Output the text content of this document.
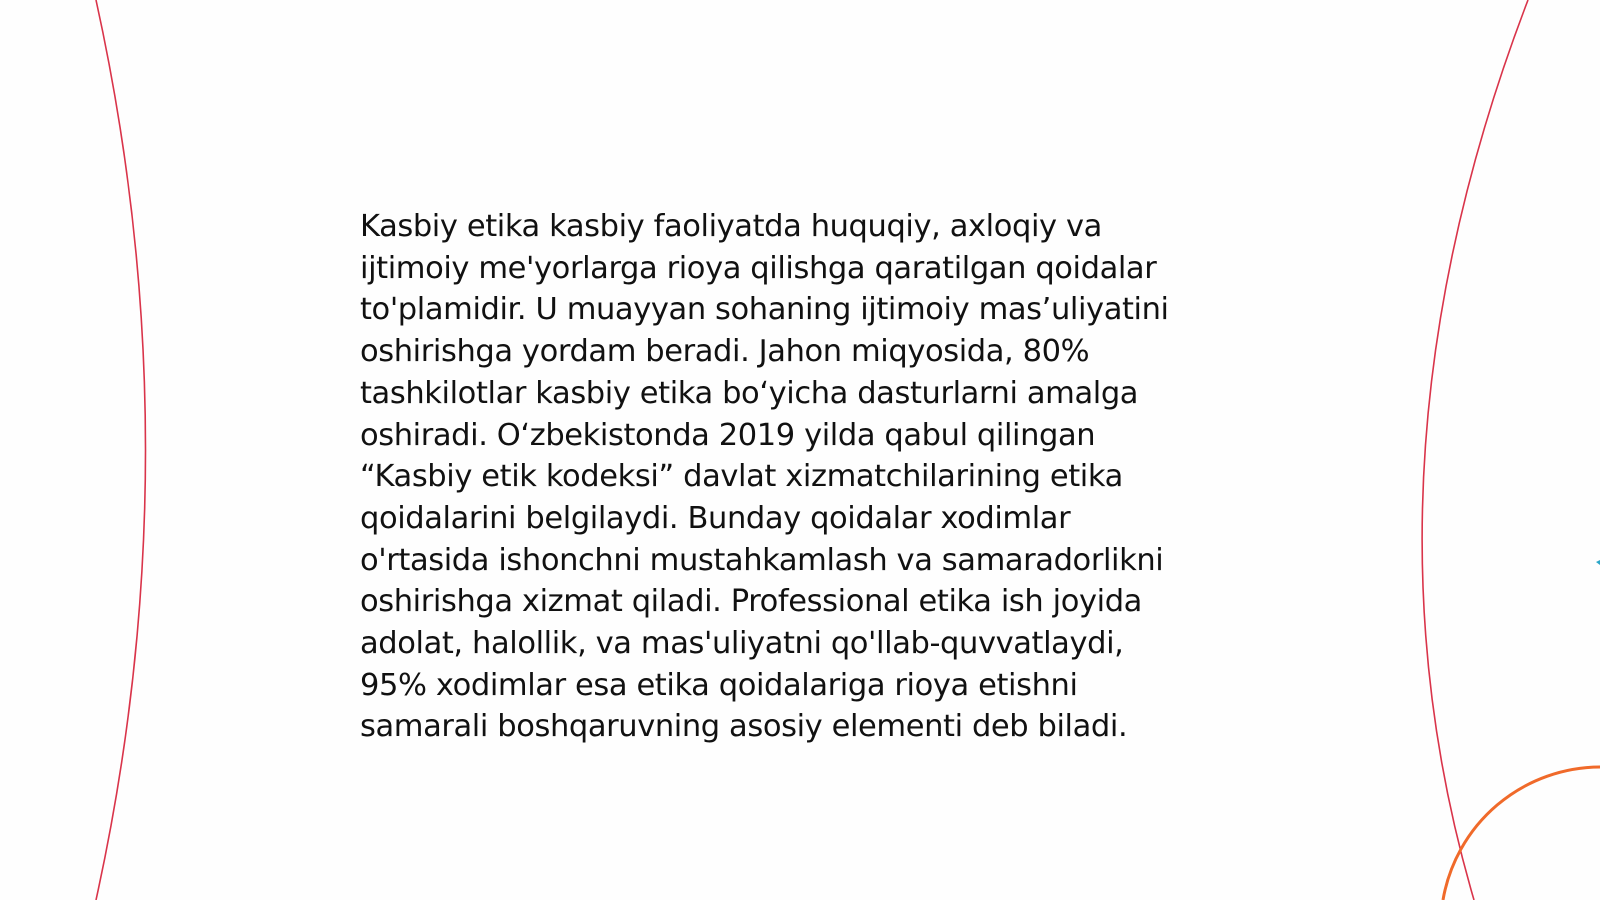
Kasbiy etika kasbiy faoliyatda huquqiy, axloqiy va
ijtimoiy me'yorlarga rioya qilishga qaratilgan qoidalar
to'plamidir. U muayyan sohaning ijtimoiy mas’uliyatini
oshirishga yordam beradi. Jahon miqyosida, 80%
tashkilotlar kasbiy etika bo‘yicha dasturlarni amalga
oshiradi. O‘zbekistonda 2019 yilda qabul qilingan
“Kasbiy etik kodeksi” davlat xizmatchilarining etika
qoidalarini belgilaydi. Bunday qoidalar xodimlar
o'rtasida ishonchni mustahkamlash va samaradorlikni
oshirishga xizmat qiladi. Professional etika ish joyida
adolat, halollik, va mas'uliyatni qo'llab-quvvatlaydi,
95% xodimlar esa etika qoidalariga rioya etishni
samarali boshqaruvning asosiy elementi deb biladi.
